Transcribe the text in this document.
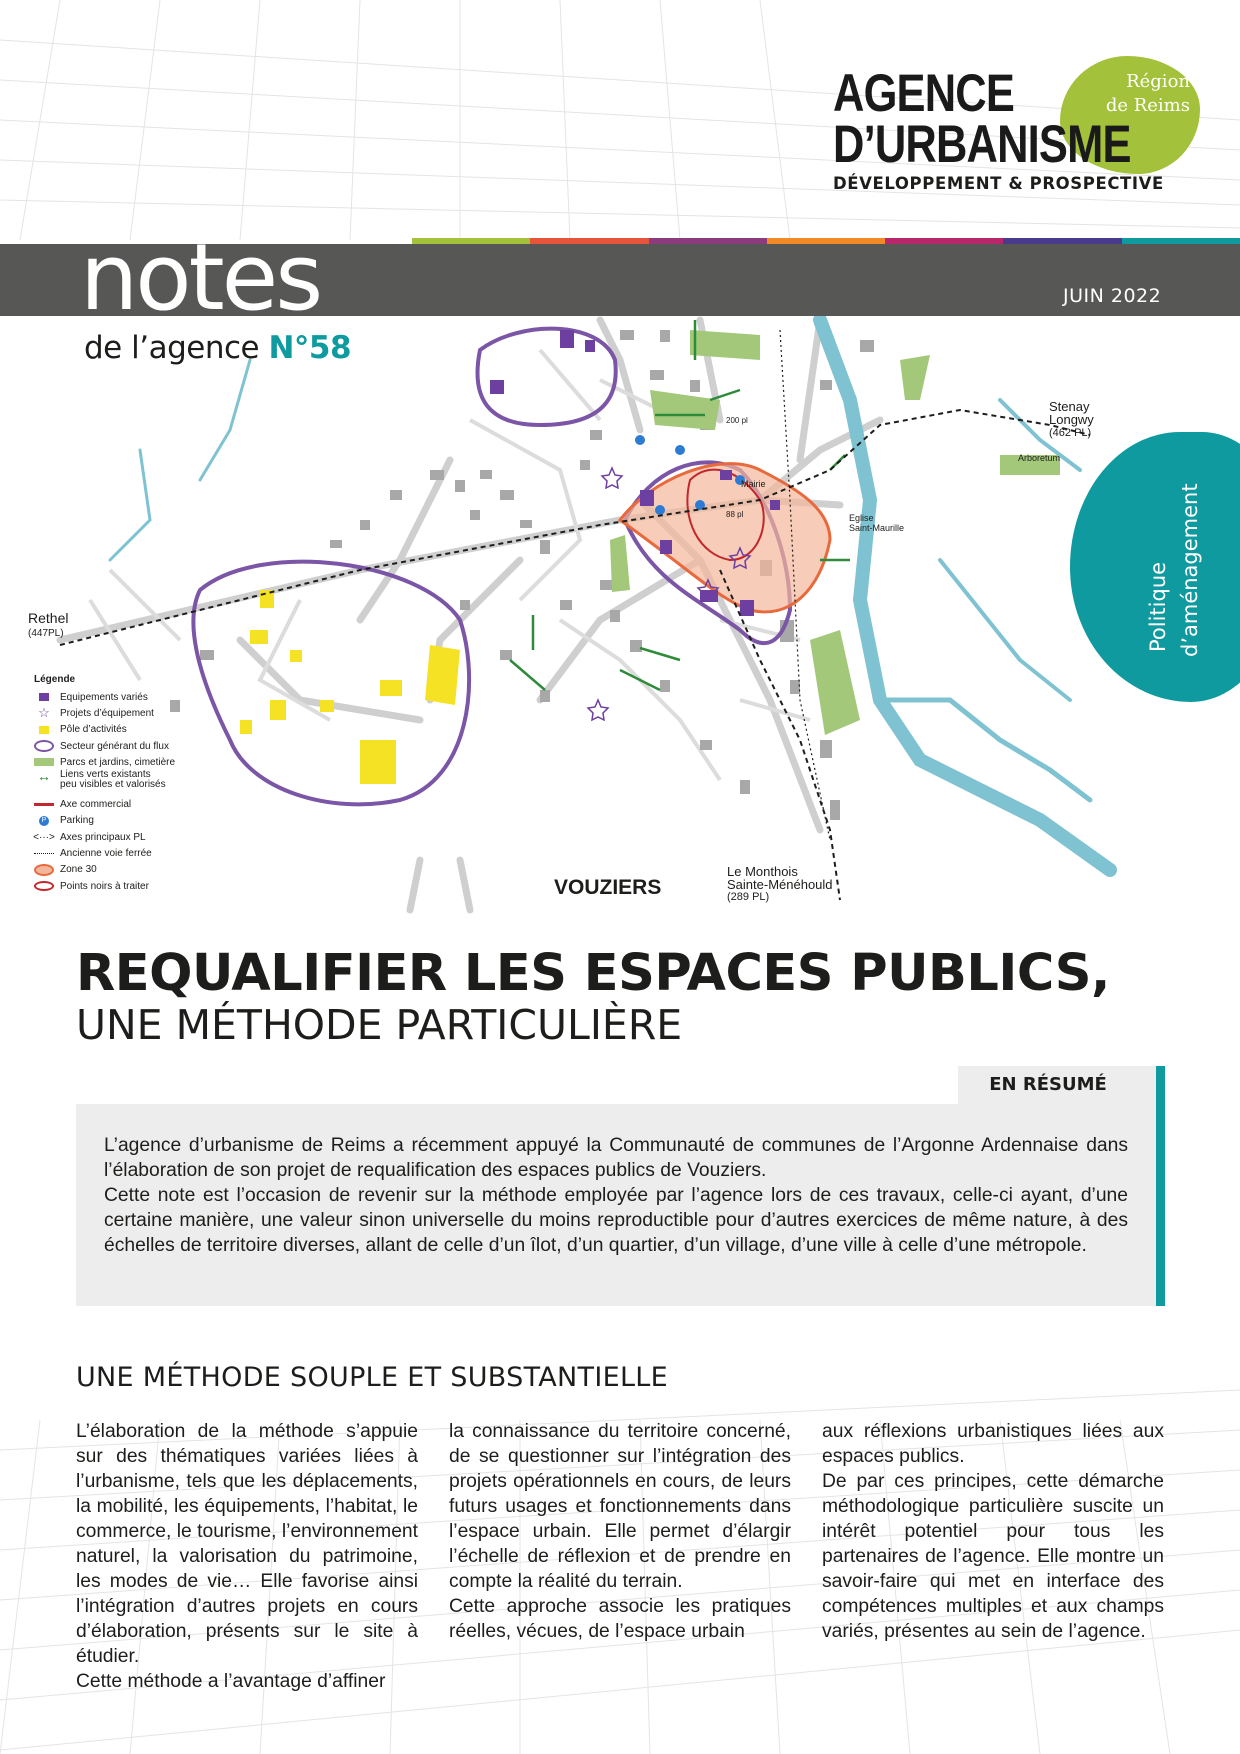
Région
de Reims
AGENCE
D’URBANISME
DÉVELOPPEMENT & PROSPECTIVE
notes	JUIN 2022
Rethel
(447PL)
Stenay
Longwy
(462 PL)
Arboretum
Mairie
Eglise
Saint-Maurille
200 pl
88 pl
Le Monthois
Sainte-Ménéhould
(289 PL)
VOUZIERS
Légende
Equipements variés
☆	Projets d’équipement
Pôle d’activités
Secteur générant du flux
Parcs et jardins, cimetière
↔ Liens verts existants
peu visibles et valorisés
Axe commercial
P Parking
<···> Axes principaux PL
Ancienne voie ferrée
Zone 30
Points noirs à traiter
de l’agence N°58
Politique d’aménagement
REQUALIFIER LES ESPACES PUBLICS,
UNE MÉTHODE PARTICULIÈRE
EN RÉSUMÉ

L’agence d’urbanisme de Reims a récemment appuyé la Communauté de communes de l’Argonne Ardennaise dans l’élaboration de son projet de requalification des espaces publics de Vouziers.

Cette note est l’occasion de revenir sur la méthode employée par l’agence lors de ces travaux, celle-ci ayant, d’une certaine manière, une valeur sinon universelle du moins reproductible pour d’autres exercices de même nature, à des échelles de territoire diverses, allant de celle d’un îlot, d’un quartier, d’un village, d’une ville à celle d’une métropole.

UNE MÉTHODE SOUPLE ET SUBSTANTIELLE

L’élaboration de la méthode s’appuie sur des thématiques variées liées à l’urbanisme, tels que les déplacements, la mobilité, les équipements, l’habitat, le commerce, le tourisme, l’environnement naturel, la valorisation du patrimoine, les modes de vie… Elle favorise ainsi l’intégration d’autres projets en cours d’élaboration, présents sur le site à étudier.

Cette méthode a l’avantage d’affiner

la connaissance du territoire concerné, de se questionner sur l’intégration des projets opérationnels en cours, de leurs futurs usages et fonctionnements dans l’espace urbain. Elle permet d’élargir l’échelle de réflexion et de prendre en compte la réalité du terrain.

Cette approche associe les pratiques réelles, vécues, de l’espace urbain

aux réflexions urbanistiques liées aux espaces publics.

De par ces principes, cette démarche méthodologique particulière suscite un intérêt potentiel pour tous les partenaires de l’agence. Elle montre un savoir-faire qui met en interface des compétences multiples et aux champs variés, présentes au sein de l’agence.
